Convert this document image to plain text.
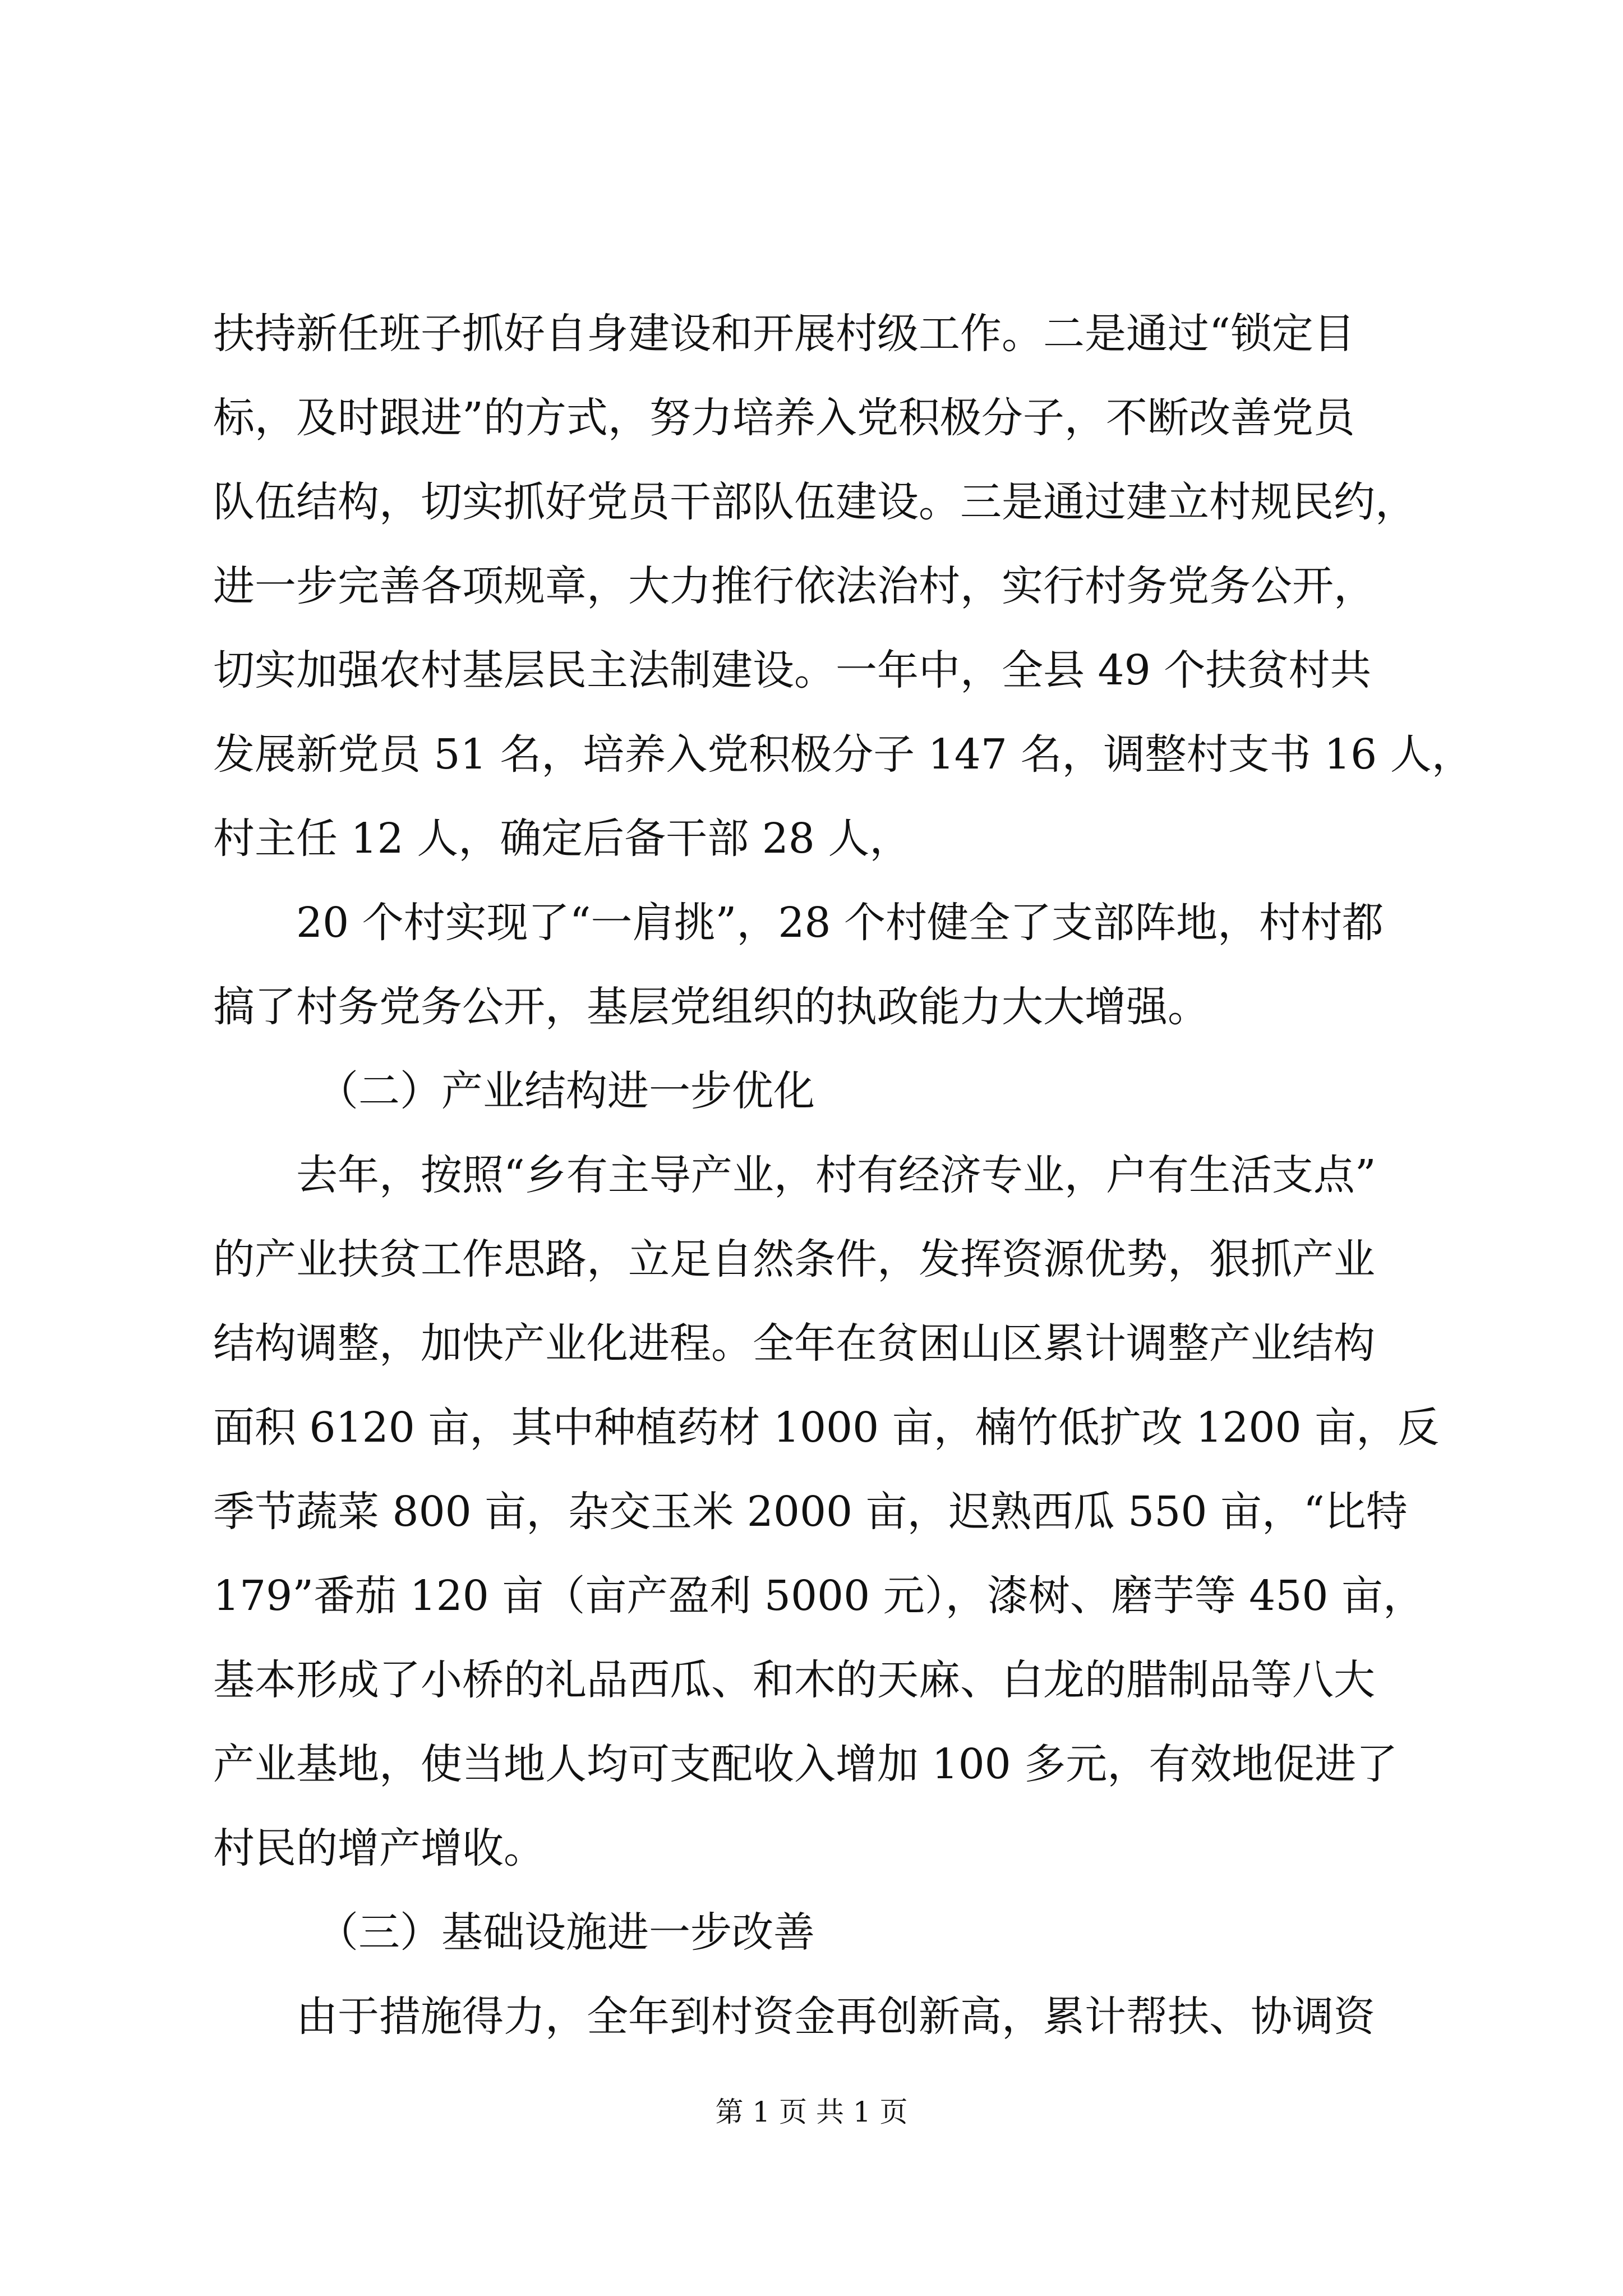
扶持新任班子抓好自身建设和开展村级工作。二是通过“锁定目
标，及时跟进”的方式，努力培养入党积极分子，不断改善党员
队伍结构，切实抓好党员干部队伍建设。三是通过建立村规民约，
进一步完善各项规章，大力推行依法治村，实行村务党务公开，
切实加强农村基层民主法制建设。一年中，全县 49 个扶贫村共
发展新党员 51 名，培养入党积极分子 147 名，调整村支书 16 人，
村主任 12 人，确定后备干部 28 人，
20 个村实现了“一肩挑”，28 个村健全了支部阵地，村村都
搞了村务党务公开，基层党组织的执政能力大大增强。
（二）产业结构进一步优化
去年，按照“乡有主导产业，村有经济专业，户有生活支点”
的产业扶贫工作思路，立足自然条件，发挥资源优势，狠抓产业
结构调整，加快产业化进程。全年在贫困山区累计调整产业结构
面积 6120 亩，其中种植药材 1000 亩，楠竹低扩改 1200 亩，反
季节蔬菜 800 亩，杂交玉米 2000 亩，迟熟西瓜 550 亩，“比特
179”番茄 120 亩（亩产盈利 5000 元），漆树、磨芋等 450 亩，
基本形成了小桥的礼品西瓜、和木的天麻、白龙的腊制品等八大
产业基地，使当地人均可支配收入增加 100 多元，有效地促进了
村民的增产增收。
（三）基础设施进一步改善
由于措施得力，全年到村资金再创新高，累计帮扶、协调资
第 1 页 共 1 页
